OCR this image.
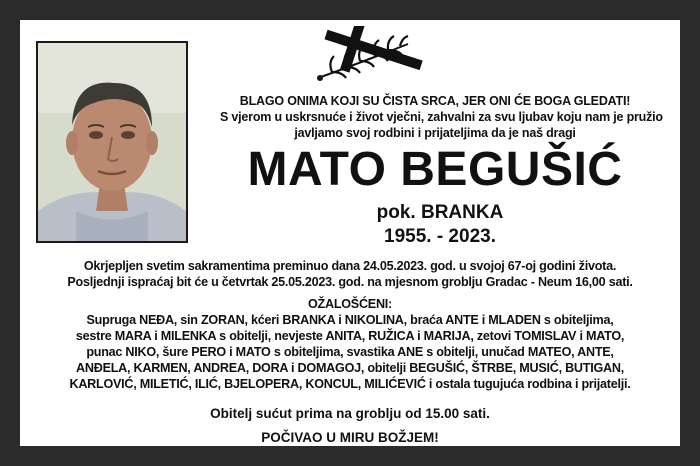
BLAGO ONIMA KOJI SU ČISTA SRCA, JER ONI ĆE BOGA GLEDATI!
S vjerom u uskrsnuće i život vječni, zahvalni za svu ljubav koju nam je pružio
javljamo svoj rodbini i prijateljima da je naš dragi
MATO BEGUŠIĆ
pok. BRANKA
1955. - 2023.
Okrjepljen svetim sakramentima preminuo dana 24.05.2023. god. u svojoj 67-oj godini života.
Posljednji ispraćaj bit će u četvrtak 25.05.2023. god. na mjesnom groblju Gradac - Neum 16,00 sati.
OŽALOŠĆENI:
Supruga NEĐA, sin ZORAN, kćeri BRANKA i NIKOLINA, braća ANTE i MLADEN s obiteljima,
sestre MARA i MILENKA s obitelji, nevjeste ANITA, RUŽICA i MARIJA, zetovi TOMISLAV i MATO,
punac NIKO, šure PERO i MATO s obiteljima, svastika ANE s obitelji, unučad MATEO, ANTE,
ANĐELA, KARMEN, ANDREA, DORA i DOMAGOJ, obitelji BEGUŠIĆ, ŠTRBE, MUSIĆ, BUTIGAN,
KARLOVIĆ, MILETIĆ, ILIĆ, BJELOPERA, KONCUL, MILIĆEVIĆ i ostala tugujuća rodbina i prijatelji.
Obitelj sućut prima na groblju od 15.00 sati.
POČIVAO U MIRU BOŽJEM!
